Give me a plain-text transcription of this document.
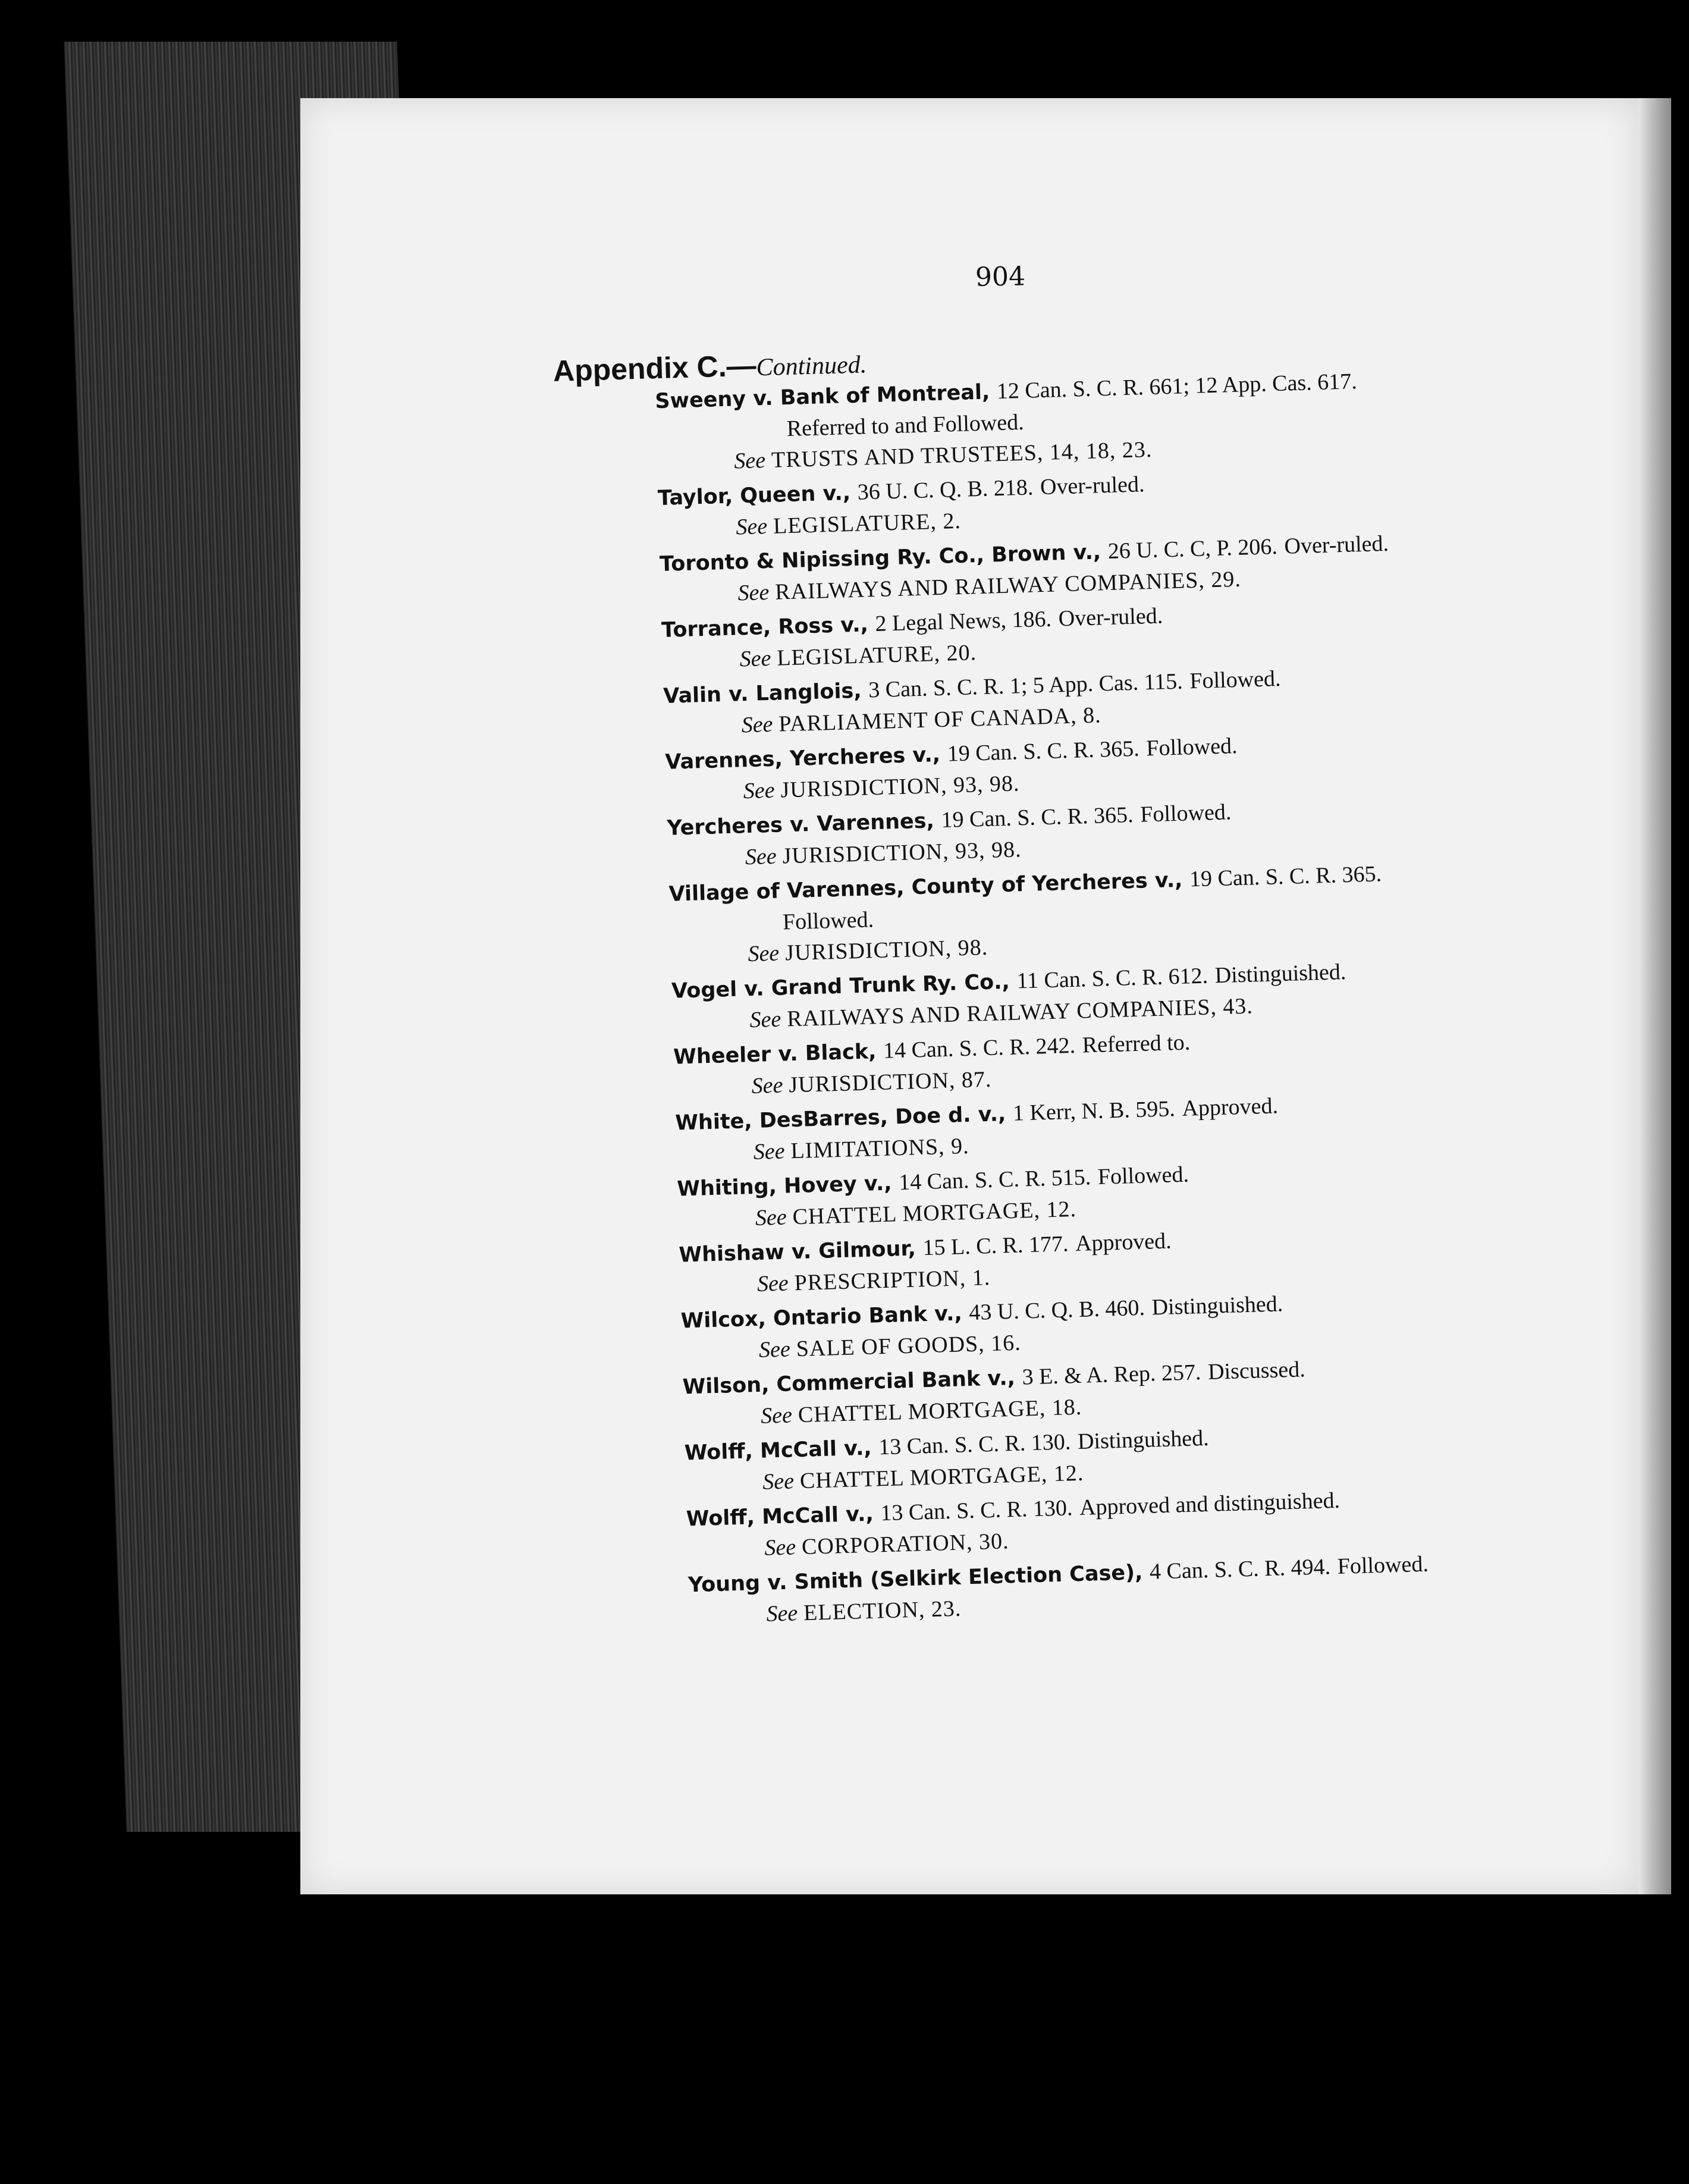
904
Appendix C.—Continued.
Sweeny v. Bank of Montreal, 12 Can. S. C. R. 661; 12 App. Cas. 617.
Referred to and Followed.
See TRUSTS AND TRUSTEES, 14, 18, 23.
Taylor, Queen v., 36 U. C. Q. B. 218. Over-ruled.
See LEGISLATURE, 2.
Toronto & Nipissing Ry. Co., Brown v., 26 U. C. C, P. 206. Over-ruled.
See RAILWAYS AND RAILWAY COMPANIES, 29.
Torrance, Ross v., 2 Legal News, 186. Over-ruled.
See LEGISLATURE, 20.
Valin v. Langlois, 3 Can. S. C. R. 1; 5 App. Cas. 115. Followed.
See PARLIAMENT OF CANADA, 8.
Varennes, Yercheres v., 19 Can. S. C. R. 365. Followed.
See JURISDICTION, 93, 98.
Yercheres v. Varennes, 19 Can. S. C. R. 365. Followed.
See JURISDICTION, 93, 98.
Village of Varennes, County of Yercheres v., 19 Can. S. C. R. 365.
Followed.
See JURISDICTION, 98.
Vogel v. Grand Trunk Ry. Co., 11 Can. S. C. R. 612. Distinguished.
See RAILWAYS AND RAILWAY COMPANIES, 43.
Wheeler v. Black, 14 Can. S. C. R. 242. Referred to.
See JURISDICTION, 87.
White, DesBarres, Doe d. v., 1 Kerr, N. B. 595. Approved.
See LIMITATIONS, 9.
Whiting, Hovey v., 14 Can. S. C. R. 515. Followed.
See CHATTEL MORTGAGE, 12.
Whishaw v. Gilmour, 15 L. C. R. 177. Approved.
See PRESCRIPTION, 1.
Wilcox, Ontario Bank v., 43 U. C. Q. B. 460. Distinguished.
See SALE OF GOODS, 16.
Wilson, Commercial Bank v., 3 E. & A. Rep. 257. Discussed.
See CHATTEL MORTGAGE, 18.
Wolff, McCall v., 13 Can. S. C. R. 130. Distinguished.
See CHATTEL MORTGAGE, 12.
Wolff, McCall v., 13 Can. S. C. R. 130. Approved and distinguished.
See CORPORATION, 30.
Young v. Smith (Selkirk Election Case), 4 Can. S. C. R. 494. Followed.
See ELECTION, 23.
